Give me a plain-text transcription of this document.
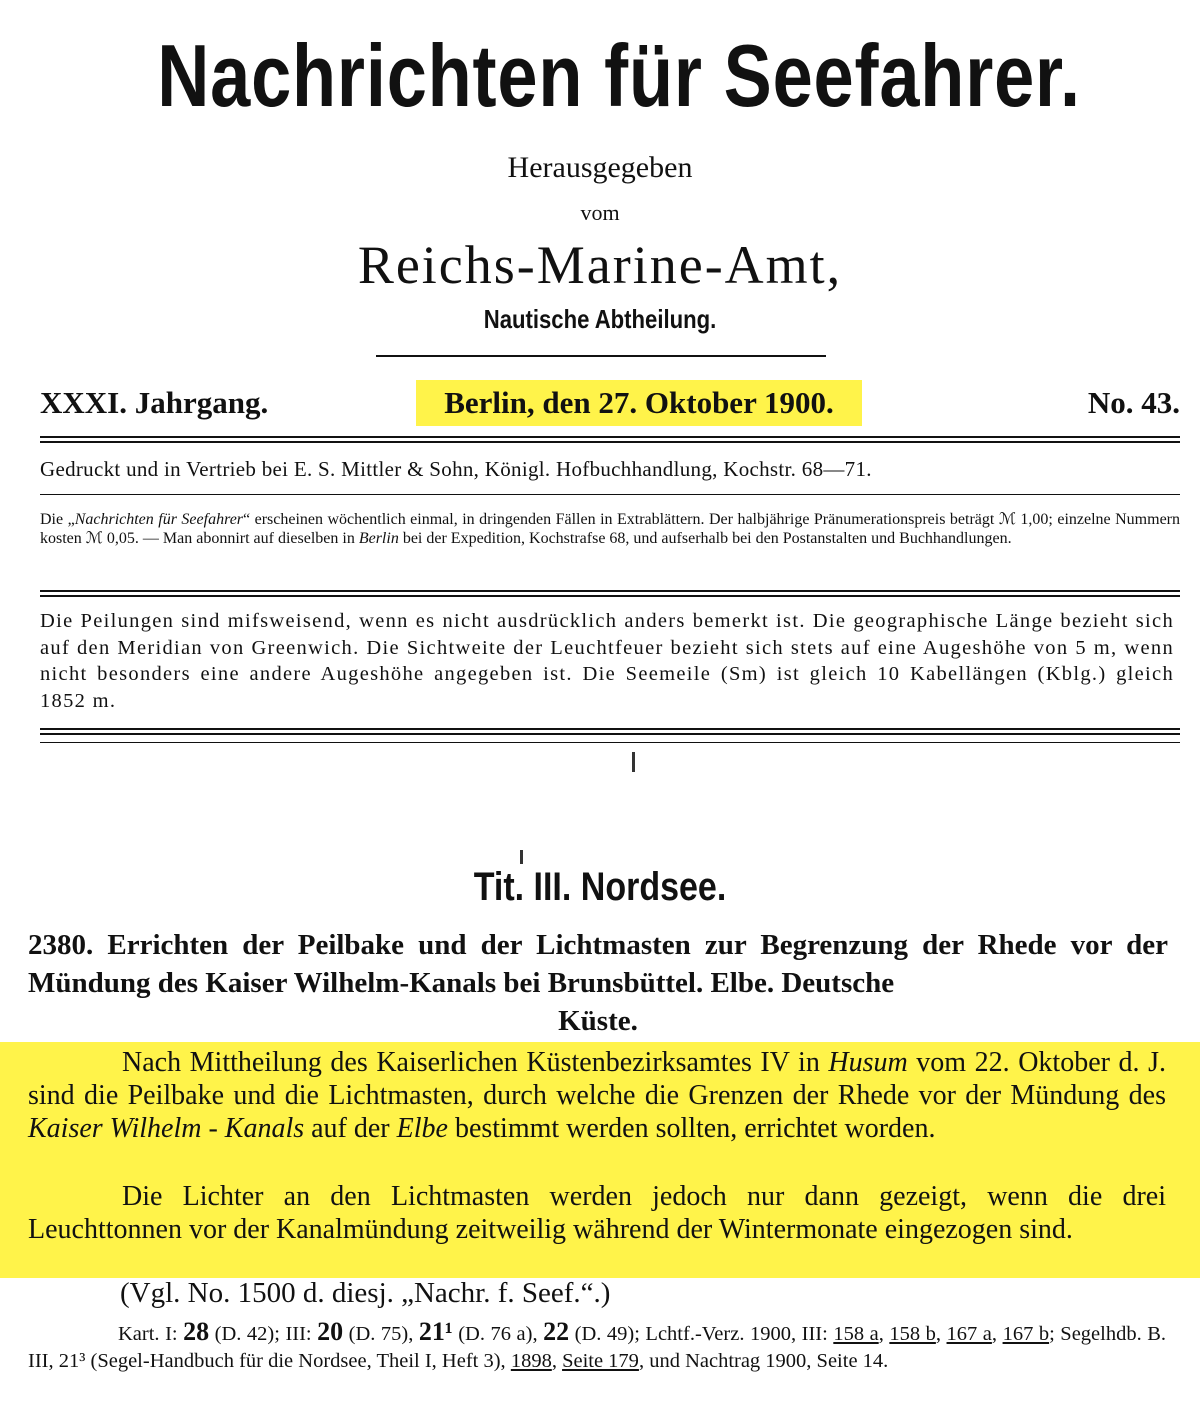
Nachrichten für Seefahrer.
Herausgegeben
vom
Reichs-Marine-Amt,
Nautische Abtheilung.
XXXI. Jahrgang.	Berlin, den 27. Oktober 1900.	No. 43.
Gedruckt und in Vertrieb bei E. S. Mittler & Sohn, Königl. Hofbuchhandlung, Kochstr. 68—71.
Die „Nachrichten für Seefahrer“ erscheinen wöchentlich einmal, in dringenden Fällen in Extrablättern. Der halbjährige Pränumerationspreis beträgt ℳ 1,00; einzelne Nummern kosten ℳ 0,05. — Man abonnirt auf dieselben in Berlin bei der Expedition, Kochstrafse 68, und aufserhalb bei den Postanstalten und Buchhandlungen.
Die Peilungen sind mifsweisend, wenn es nicht ausdrücklich anders bemerkt ist. Die geographische Länge bezieht sich auf den Meridian von Greenwich. Die Sichtweite der Leuchtfeuer bezieht sich stets auf eine Augeshöhe von 5 m, wenn nicht besonders eine andere Augeshöhe angegeben ist. Die Seemeile (Sm) ist gleich 10 Kabellängen (Kblg.) gleich 1852 m.
Tit. III. Nordsee.
2380. Errichten der Peilbake und der Lichtmasten zur Begrenzung der Rhede vor der Mündung des Kaiser Wilhelm-Kanals bei Brunsbüttel. Elbe. Deutsche
Küste.
Nach Mittheilung des Kaiserlichen Küstenbezirksamtes IV in Husum vom 22. Oktober d. J. sind die Peilbake und die Lichtmasten, durch welche die Grenzen der Rhede vor der Mündung des Kaiser Wilhelm - Kanals auf der Elbe bestimmt werden sollten, errichtet worden.
Die Lichter an den Lichtmasten werden jedoch nur dann gezeigt, wenn die drei Leuchttonnen vor der Kanalmündung zeitweilig während der Wintermonate eingezogen sind.
(Vgl. No. 1500 d. diesj. „Nachr. f. Seef.“.)
Kart. I: 28 (D. 42); III: 20 (D. 75), 21¹ (D. 76 a), 22 (D. 49); Lchtf.-Verz. 1900, III: 158 a, 158 b, 167 a, 167 b; Segelhdb. B. III, 21³ (Segel-Handbuch für die Nordsee, Theil I, Heft 3), 1898, Seite 179, und Nachtrag 1900, Seite 14.
